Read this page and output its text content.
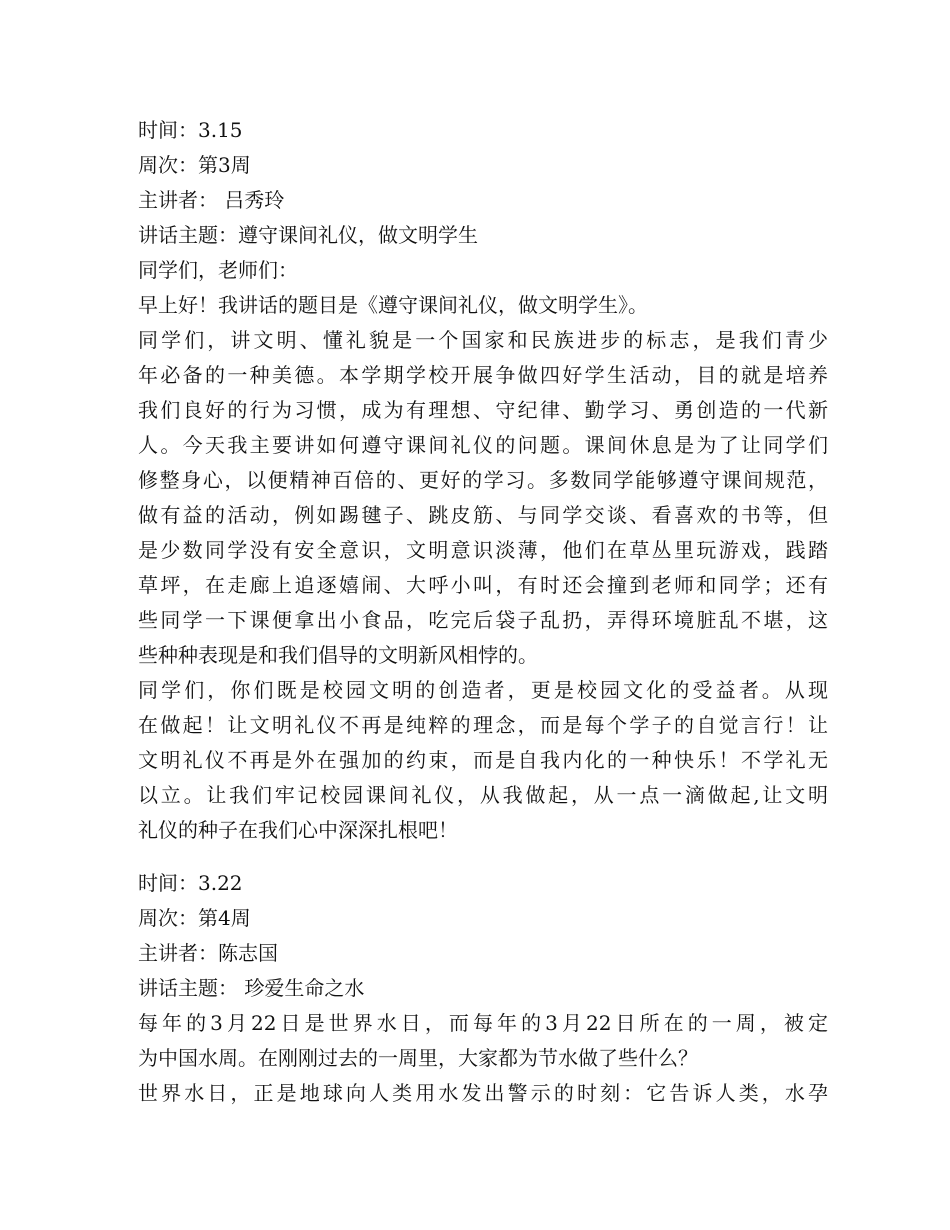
时间：3.15
周次：第3周
主讲者： 吕秀玲
讲话主题：遵守课间礼仪，做文明学生
同学们，老师们：
早上好！我讲话的题目是《遵守课间礼仪，做文明学生》。
同学们，讲文明、懂礼貌是一个国家和民族进步的标志，是我们青少
年必备的一种美德。本学期学校开展争做四好学生活动，目的就是培养
我们良好的行为习惯，成为有理想、守纪律、勤学习、勇创造的一代新
人。今天我主要讲如何遵守课间礼仪的问题。课间休息是为了让同学们
修整身心，以便精神百倍的、更好的学习。多数同学能够遵守课间规范，
做有益的活动，例如踢毽子、跳皮筋、与同学交谈、看喜欢的书等，但
是少数同学没有安全意识，文明意识淡薄，他们在草丛里玩游戏，践踏
草坪，在走廊上追逐嬉闹、大呼小叫，有时还会撞到老师和同学；还有
些同学一下课便拿出小食品，吃完后袋子乱扔，弄得环境脏乱不堪，这
些种种表现是和我们倡导的文明新风相悖的。
同学们，你们既是校园文明的创造者，更是校园文化的受益者。从现
在做起！让文明礼仪不再是纯粹的理念，而是每个学子的自觉言行！让
文明礼仪不再是外在强加的约束，而是自我内化的一种快乐！不学礼无
以立。让我们牢记校园课间礼仪，从我做起，从一点一滴做起,让文明
礼仪的种子在我们心中深深扎根吧！
时间：3.22
周次：第4周
主讲者：陈志国
讲话主题： 珍爱生命之水
每年的3月22日是世界水日，而每年的3月22日所在的一周，被定
为中国水周。在刚刚过去的一周里，大家都为节水做了些什么？
世界水日，正是地球向人类用水发出警示的时刻：它告诉人类，水孕
